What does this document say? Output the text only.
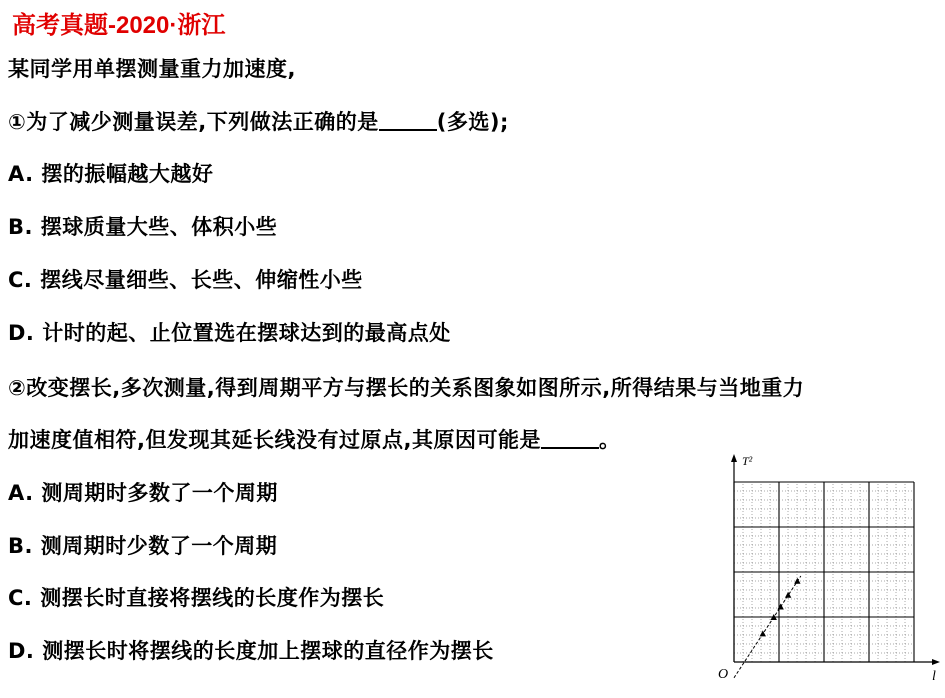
高考真题-2020·浙江
某同学用单摆测量重力加速度,
①为了减少测量误差,下列做法正确的是	(多选);
A. 摆的振幅越大越好
B. 摆球质量大些、体积小些
C. 摆线尽量细些、长些、伸缩性小些
D. 计时的起、止位置选在摆球达到的最高点处
②改变摆长,多次测量,得到周期平方与摆长的关系图象如图所示,所得结果与当地重力
加速度值相符,但发现其延长线没有过原点,其原因可能是	。
A. 测周期时多数了一个周期
B. 测周期时少数了一个周期
C. 测摆长时直接将摆线的长度作为摆长
D. 测摆长时将摆线的长度加上摆球的直径作为摆长
T²
l
O
